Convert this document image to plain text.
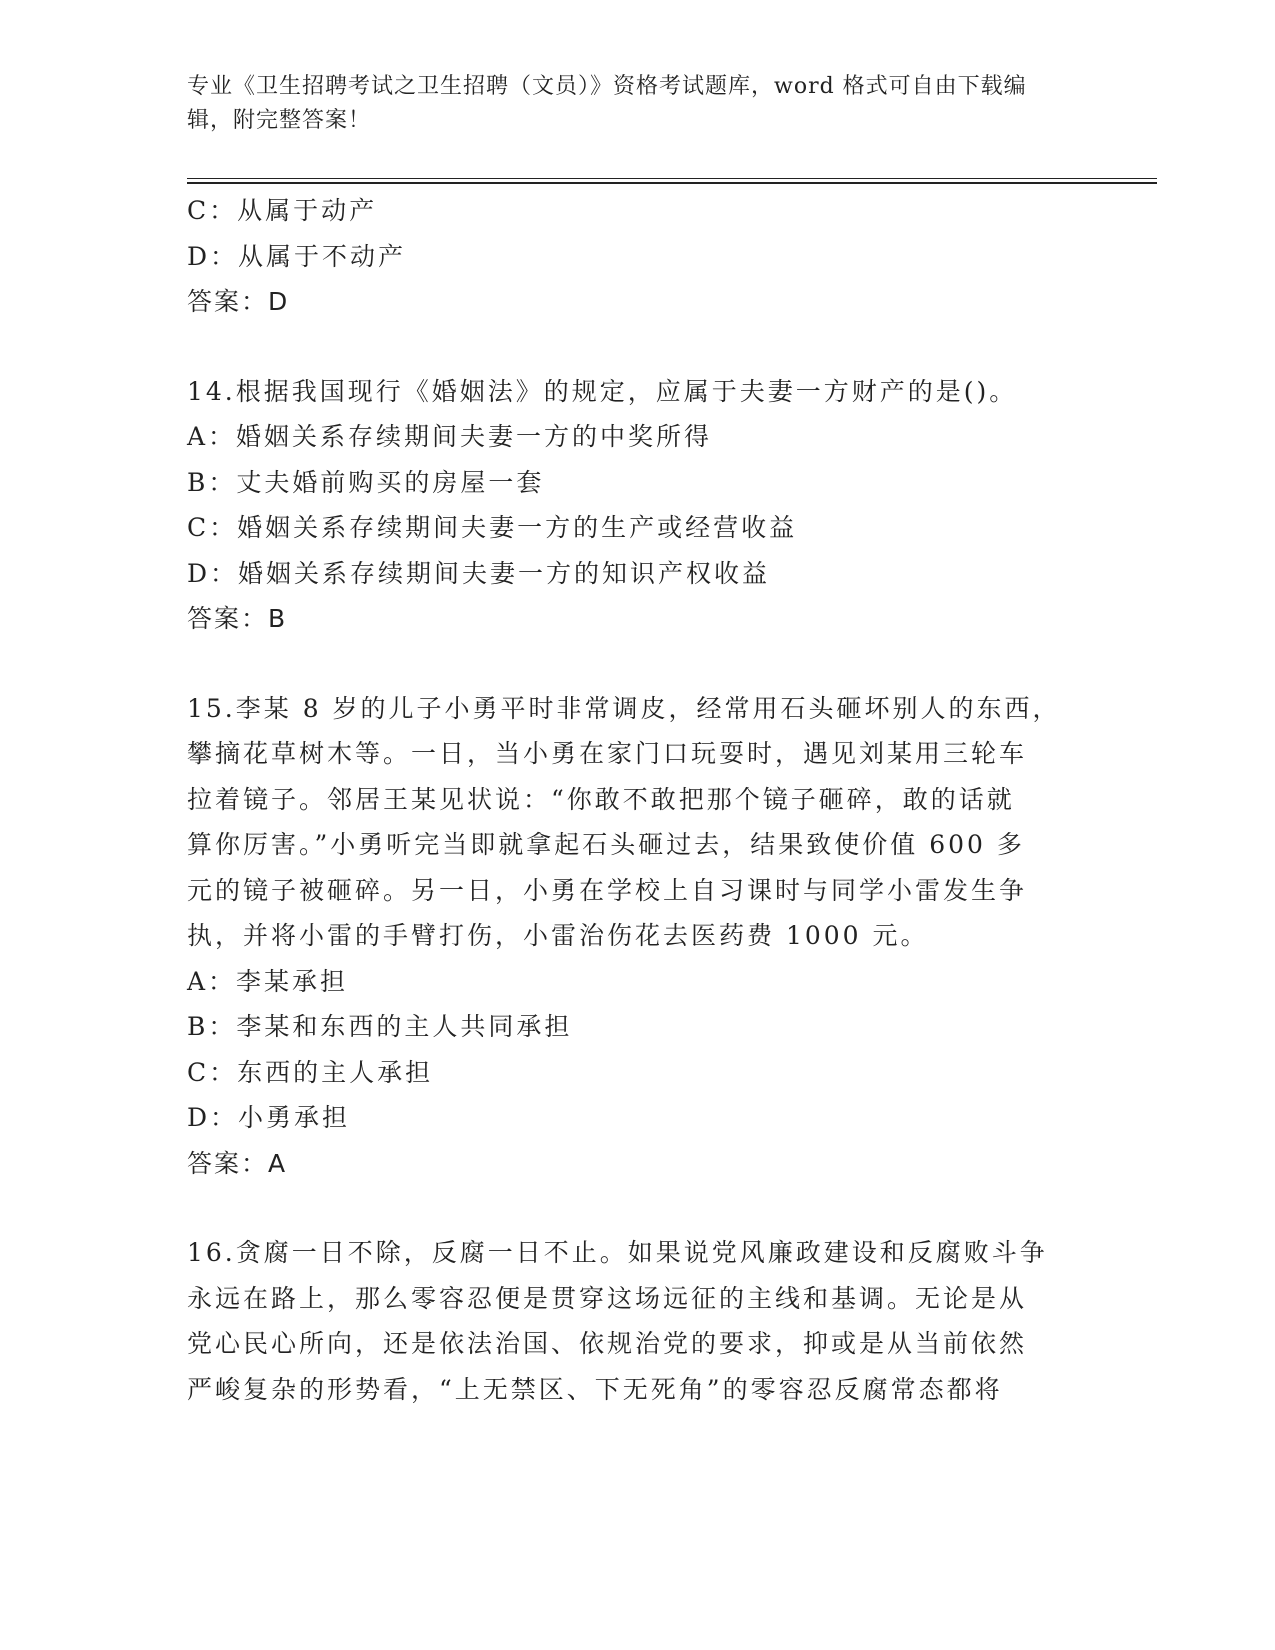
专业《卫生招聘考试之卫生招聘（文员）》资格考试题库，word 格式可自由下载编辑，附完整答案！
C：从属于动产
D：从属于不动产
答案：D
14.根据我国现行《婚姻法》的规定，应属于夫妻一方财产的是()。
A：婚姻关系存续期间夫妻一方的中奖所得
B：丈夫婚前购买的房屋一套
C：婚姻关系存续期间夫妻一方的生产或经营收益
D：婚姻关系存续期间夫妻一方的知识产权收益
答案：B
15.李某 8 岁的儿子小勇平时非常调皮，经常用石头砸坏别人的东西，
攀摘花草树木等。一日，当小勇在家门口玩耍时，遇见刘某用三轮车
拉着镜子。邻居王某见状说：“你敢不敢把那个镜子砸碎，敢的话就
算你厉害。”小勇听完当即就拿起石头砸过去，结果致使价值 600 多
元的镜子被砸碎。另一日，小勇在学校上自习课时与同学小雷发生争
执，并将小雷的手臂打伤，小雷治伤花去医药费 1000 元。
A：李某承担
B：李某和东西的主人共同承担
C：东西的主人承担
D：小勇承担
答案：A
16.贪腐一日不除，反腐一日不止。如果说党风廉政建设和反腐败斗争
永远在路上，那么零容忍便是贯穿这场远征的主线和基调。无论是从
党心民心所向，还是依法治国、依规治党的要求，抑或是从当前依然
严峻复杂的形势看，“上无禁区、下无死角”的零容忍反腐常态都将
